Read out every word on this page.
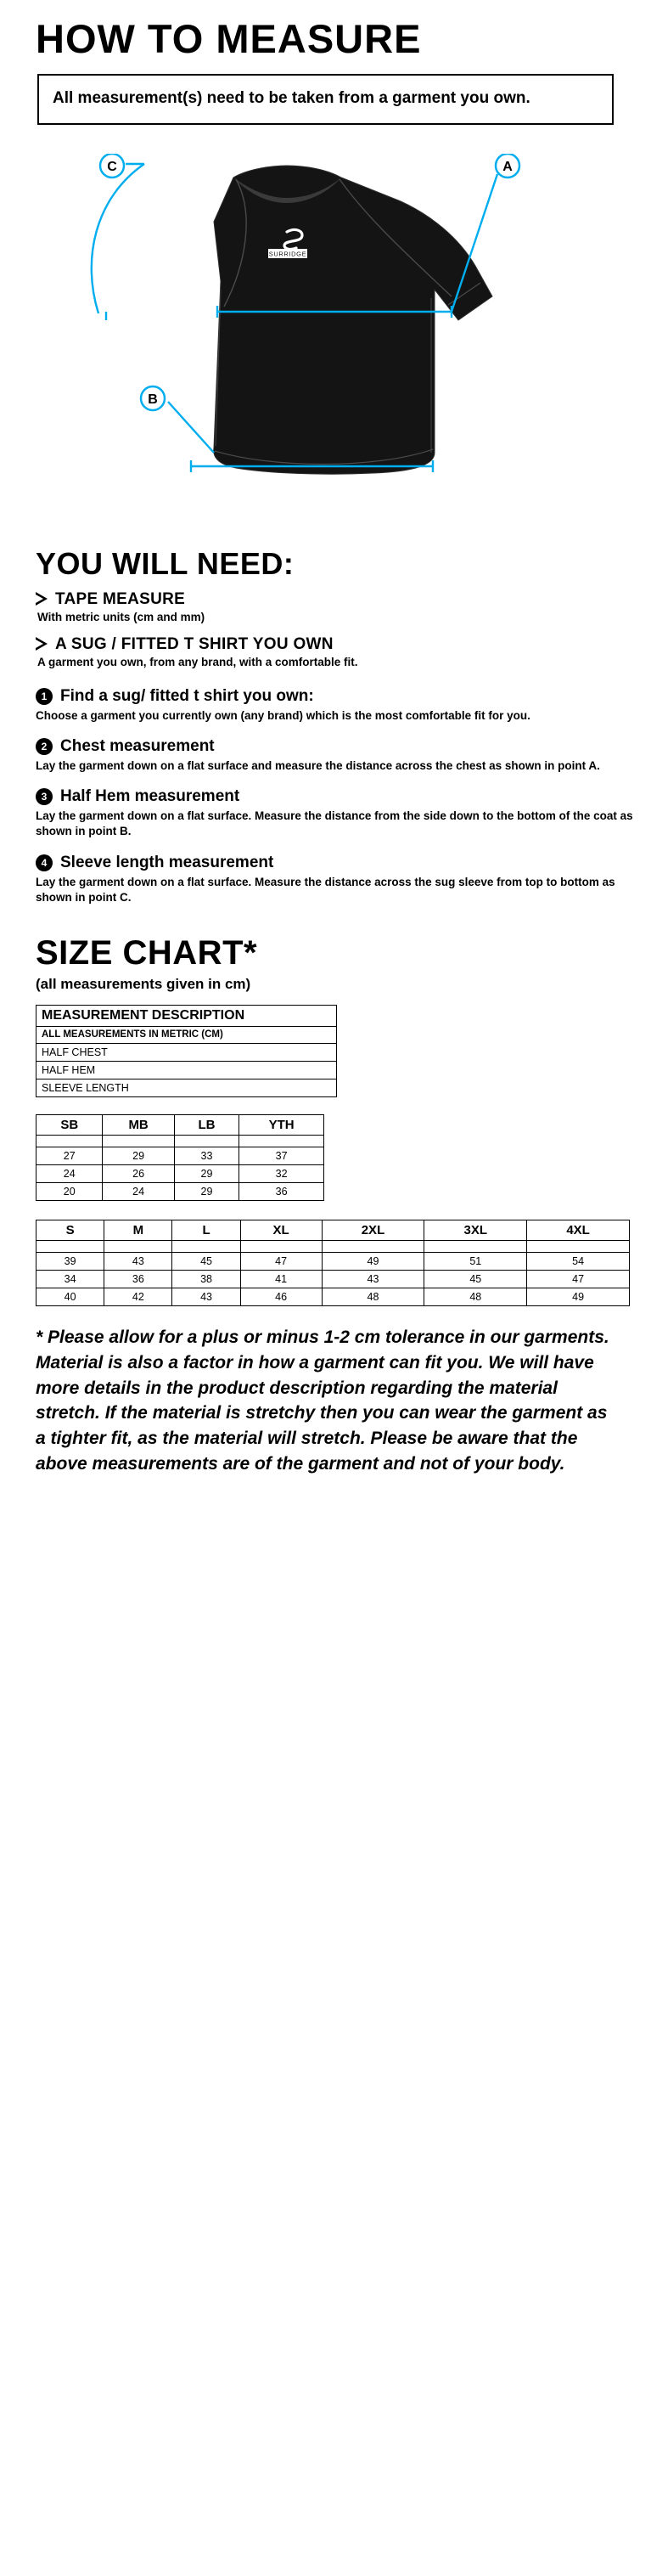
HOW TO MEASURE

All measurement(s) need to be taken from a garment you own.

SURRIDGE
A
C
B
YOU WILL NEED:
TAPE MEASURE
With metric units (cm and mm)
A SUG / FITTED T SHIRT YOU OWN
A garment you own, from any brand, with a comfortable fit.
1 Find a sug/ fitted t shirt you own:
Choose a garment you currently own (any brand) which is the most comfortable fit for you.
2 Chest measurement
Lay the garment down on a flat surface and measure the distance across the chest as shown in point A.
3 Half Hem measurement
Lay the garment down on a flat surface. Measure the distance from the side down to the bottom of the coat as shown in point B.
4 Sleeve length measurement
Lay the garment down on a flat surface. Measure the distance across the sug sleeve from top to bottom as shown in point C.
SIZE CHART*
(all measurements given in cm)
MEASUREMENT DESCRIPTION
ALL MEASUREMENTS IN METRIC (CM)
HALF CHEST
HALF HEM
SLEEVE LENGTH
SB	MB	LB	YTH

27	29	33	37
24	26	29	32
20	24	29	36
S	M	L	XL	2XL	3XL	4XL

39	43	45	47	49	51	54
34	36	38	41	43	45	47
40	42	43	46	48	48	49
* Please allow for a plus or minus 1-2 cm tolerance in our garments. Material is also a factor in how a garment can fit you. We will have more details in the product description regarding the material stretch. If the material is stretchy then you can wear the garment as a tighter fit, as the material will stretch. Please be aware that the above measurements are of the garment and not of your body.
